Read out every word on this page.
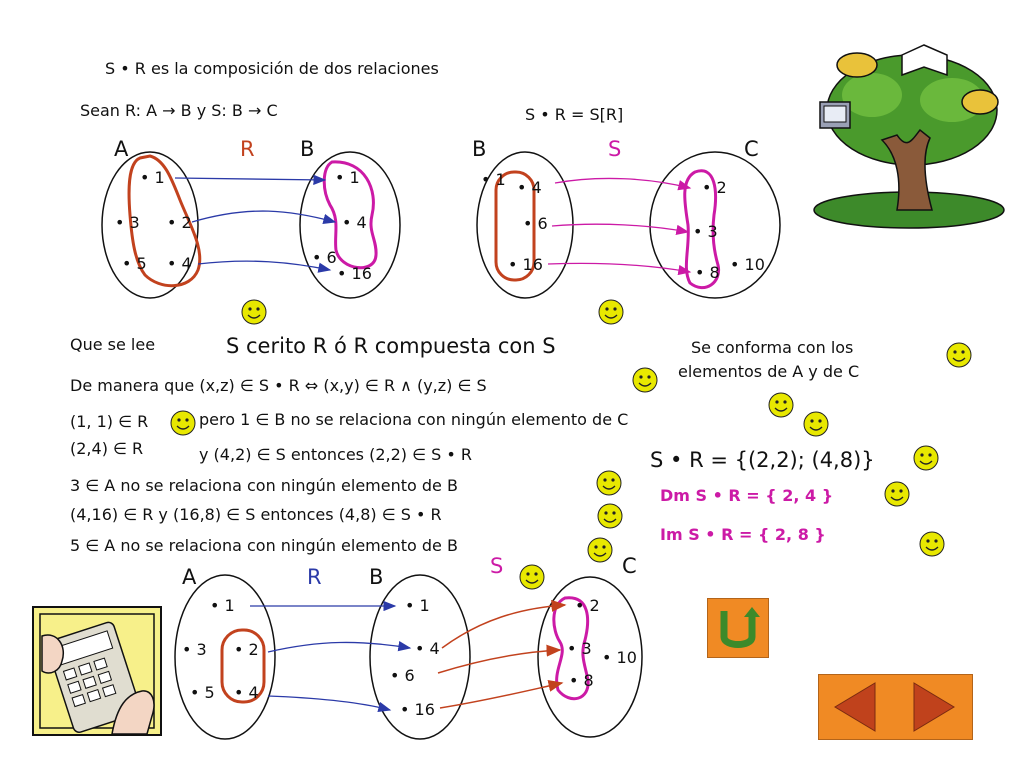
S • R es la composición de dos relaciones
Sean R: A → B y S: B → C	S • R = S[R]
A	R B
• 1
• 3 • 2
• 5 • 4
• 1
• 4
• 6
• 16
B	S	C
• 1 • 4
• 6
• 16
• 2
• 3
• 10
• 8
Que se lee	S cerito R ó R compuesta con S	Se conforma con los
elementos de A y de C
De manera que (x,z) ∈ S • R ⇔ (x,y) ∈ R ∧ (y,z) ∈ S
(1, 1) ∈ R	pero 1 ∈ B no se relaciona con ningún elemento de C
(2,4) ∈ R	y (4,2) ∈ S entonces (2,2) ∈ S • R
3 ∈ A no se relaciona con ningún elemento de B
(4,16) ∈ R y (16,8) ∈ S entonces (4,8) ∈ S • R
5 ∈ A no se relaciona con ningún elemento de B
S • R = {(2,2); (4,8)}
Dm S • R = { 2, 4 }
Im S • R = { 2, 8 }
A	R B	S	C
• 1
• 3 • 2
• 5 • 4
• 1
• 4
• 6
• 16
• 2
• 3 • 10
• 8
